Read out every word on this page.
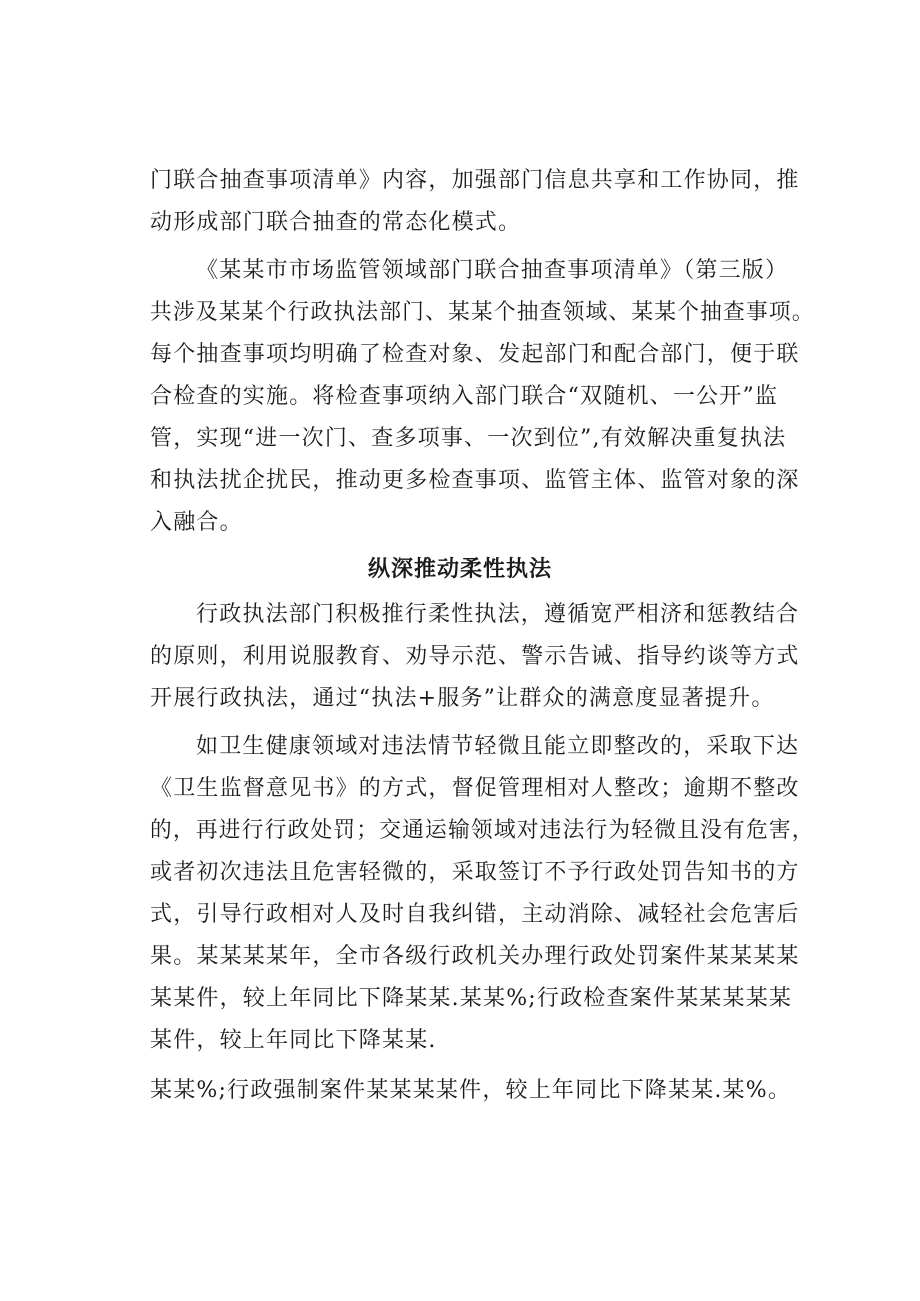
门联合抽查事项清单》内容，加强部门信息共享和工作协同，推
动形成部门联合抽查的常态化模式。
《某某市市场监管领域部门联合抽查事项清单》（第三版）
共涉及某某个行政执法部门、某某个抽查领域、某某个抽查事项。
每个抽查事项均明确了检查对象、发起部门和配合部门，便于联
合检查的实施。将检查事项纳入部门联合“双随机、一公开”监
管，实现“进一次门、查多项事、一次到位”,有效解决重复执法
和执法扰企扰民，推动更多检查事项、监管主体、监管对象的深
入融合。
纵深推动柔性执法
行政执法部门积极推行柔性执法，遵循宽严相济和惩教结合
的原则，利用说服教育、劝导示范、警示告诫、指导约谈等方式
开展行政执法，通过“执法+服务”让群众的满意度显著提升。
如卫生健康领域对违法情节轻微且能立即整改的，采取下达
《卫生监督意见书》的方式，督促管理相对人整改；逾期不整改
的，再进行行政处罚；交通运输领域对违法行为轻微且没有危害，
或者初次违法且危害轻微的，采取签订不予行政处罚告知书的方
式，引导行政相对人及时自我纠错，主动消除、减轻社会危害后
果。某某某某年，全市各级行政机关办理行政处罚案件某某某某
某某件，较上年同比下降某某.某某%;行政检查案件某某某某某
某件，较上年同比下降某某.
某某%;行政强制案件某某某某件，较上年同比下降某某.某%。
